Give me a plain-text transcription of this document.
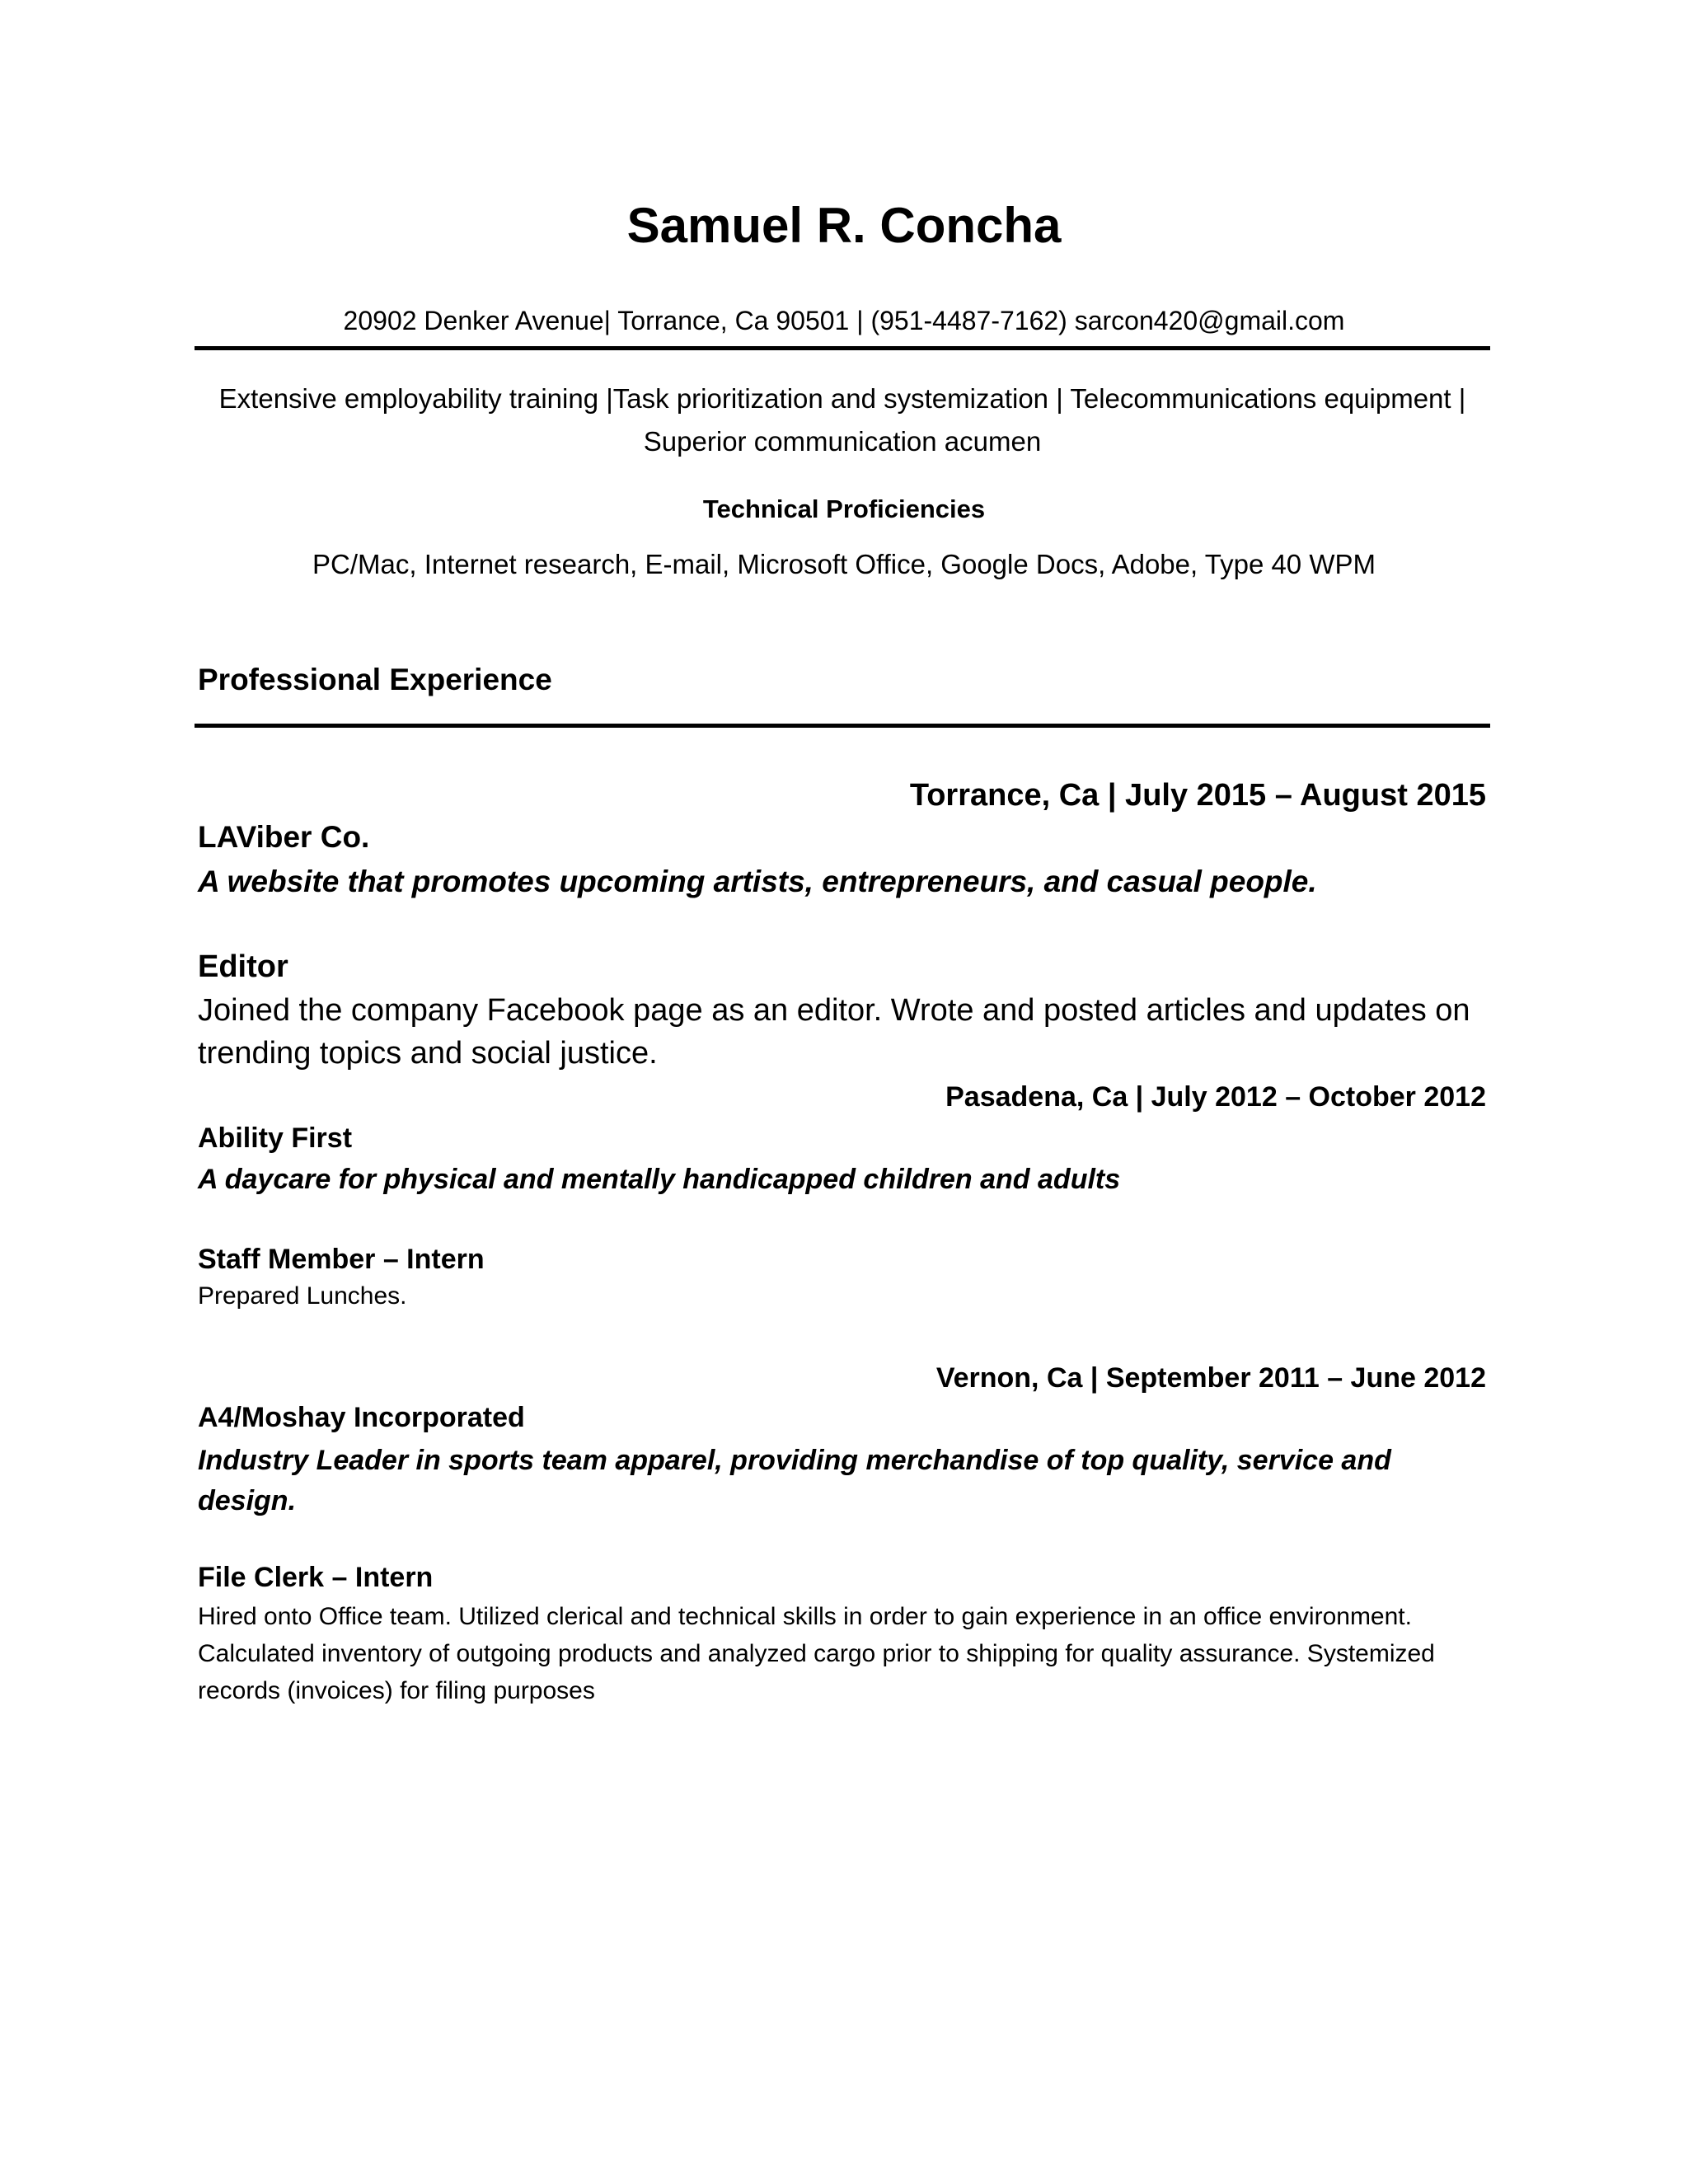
Samuel R. Concha

20902 Denker Avenue| Torrance, Ca 90501 | (951-4487-7162) sarcon420@gmail.com

Extensive employability training |Task prioritization and systemization | Telecommunications equipment | Superior communication acumen

Technical Proficiencies

PC/Mac, Internet research, E-mail, Microsoft Office, Google Docs, Adobe, Type 40 WPM

Professional Experience

Torrance, Ca | July 2015 – August 2015

LAViber Co.

A website that promotes upcoming artists, entrepreneurs, and casual people.

Editor

Joined the company Facebook page as an editor. Wrote and posted articles and updates on trending topics and social justice.

Pasadena, Ca | July 2012 – October 2012

Ability First

A daycare for physical and mentally handicapped children and adults

Staff Member – Intern

Prepared Lunches.

Vernon, Ca | September 2011 – June 2012

A4/Moshay Incorporated

Industry Leader in sports team apparel, providing merchandise of top quality, service and design.

File Clerk – Intern

Hired onto Office team. Utilized clerical and technical skills in order to gain experience in an office environment. Calculated inventory of outgoing products and analyzed cargo prior to shipping for quality assurance. Systemized records (invoices) for filing purposes
